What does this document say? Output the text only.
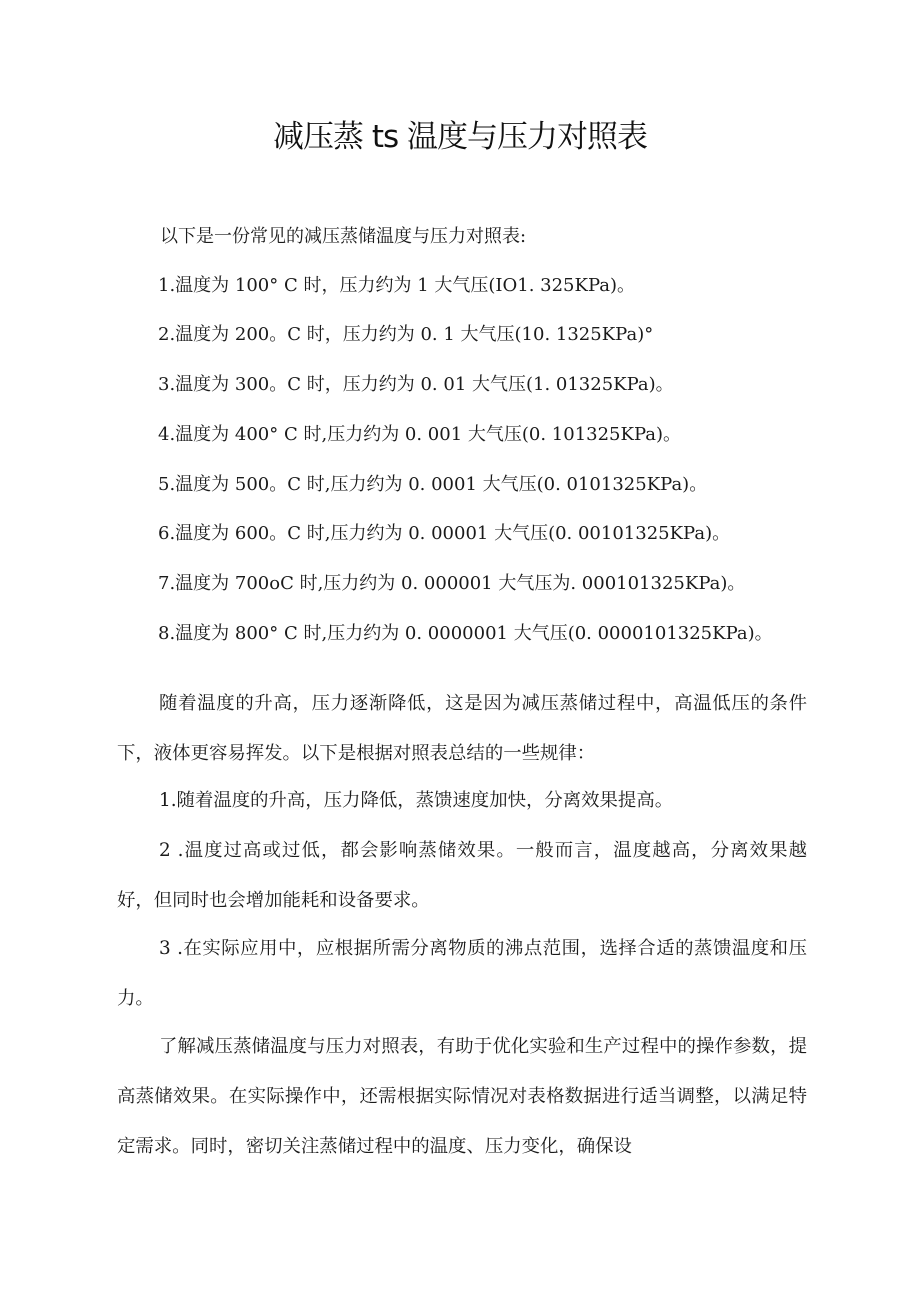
减压蒸 ts 温度与压力对照表
以下是一份常见的减压蒸储温度与压力对照表:
1.温度为 100° C 时，压力约为 1 大气压(IO1. 325KPa)。
2.温度为 200。C 时，压力约为 0. 1 大气压(10. 1325KPa)°
3.温度为 300。C 时，压力约为 0. 01 大气压(1. 01325KPa)。
4.温度为 400° C 时,压力约为 0. 001 大气压(0. 101325KPa)。
5.温度为 500。C 时,压力约为 0. 0001 大气压(0. 0101325KPa)。
6.温度为 600。C 时,压力约为 0. 00001 大气压(0. 00101325KPa)。
7.温度为 700oC 时,压力约为 0. 000001 大气压为. 000101325KPa)。
8.温度为 800° C 时,压力约为 0. 0000001 大气压(0. 0000101325KPa)。
随着温度的升高，压力逐渐降低，这是因为减压蒸储过程中，高温低压的条件下，液体更容易挥发。以下是根据对照表总结的一些规律：
1.随着温度的升高，压力降低，蒸馈速度加快，分离效果提高。
2 .温度过高或过低，都会影响蒸储效果。一般而言，温度越高，分离效果越好，但同时也会增加能耗和设备要求。
3 .在实际应用中，应根据所需分离物质的沸点范围，选择合适的蒸馈温度和压力。
了解减压蒸储温度与压力对照表，有助于优化实验和生产过程中的操作参数，提高蒸储效果。在实际操作中，还需根据实际情况对表格数据进行适当调整，以满足特定需求。同时，密切关注蒸储过程中的温度、压力变化，确保设
